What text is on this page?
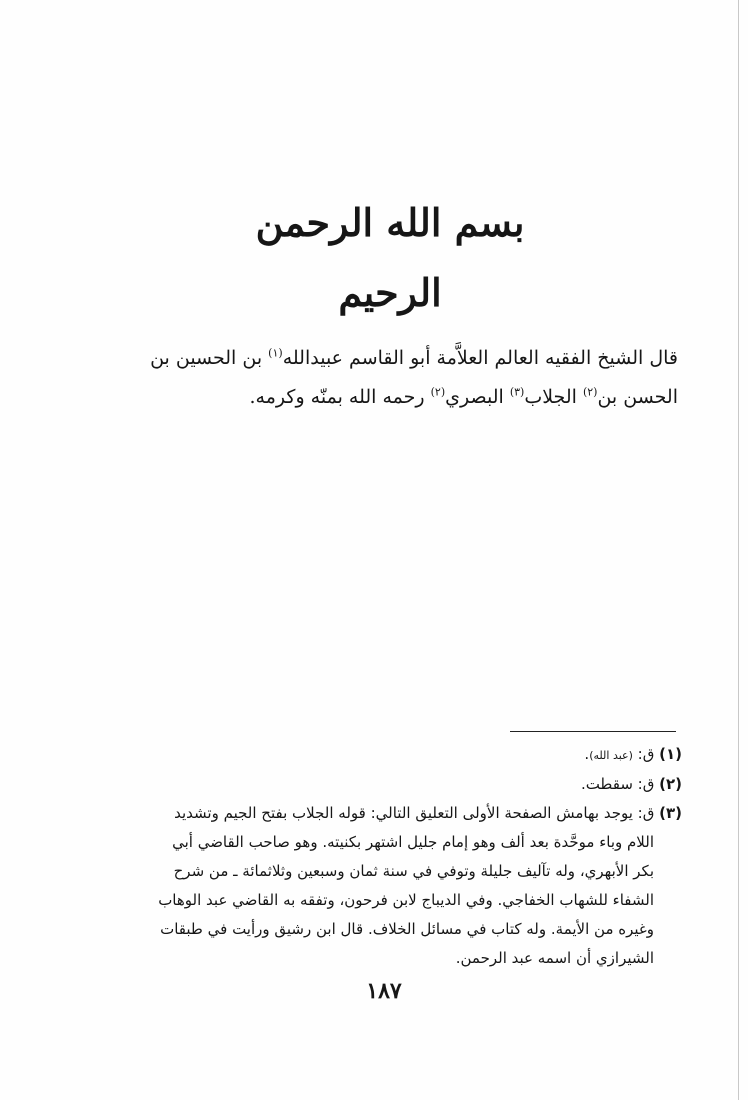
بسم الله الرحمن الرحيم

قال الشيخ الفقيه العالم العلاَّمة أبو القاسم عبيدالله$^{(١)}$ بن الحسين بن

الحسن بن$^{(٢)}$ الجلاب$^{(٣)}$ البصري$^{(٢)}$ رحمه الله بمنّه وكرمه.

(١) ق: (عبد الله).

(٢) ق: سقطت.

(٣) ق: يوجد بهامش الصفحة الأولى التعليق التالي: قوله الجلاب بفتح الجيم وتشديد

اللام وباء موحَّدة بعد ألف وهو إمام جليل اشتهر بكنيته. وهو صاحب القاضي أبي

بكر الأبهري، وله تآليف جليلة وتوفي في سنة ثمان وسبعين وثلاثمائة ـ من شرح

الشفاء للشهاب الخفاجي. وفي الديباج لابن فرحون، وتفقه به القاضي عبد الوهاب

وغيره من الأيمة. وله كتاب في مسائل الخلاف. قال ابن رشيق ورأيت في طبقات

الشيرازي أن اسمه عبد الرحمن.

١٨٧
